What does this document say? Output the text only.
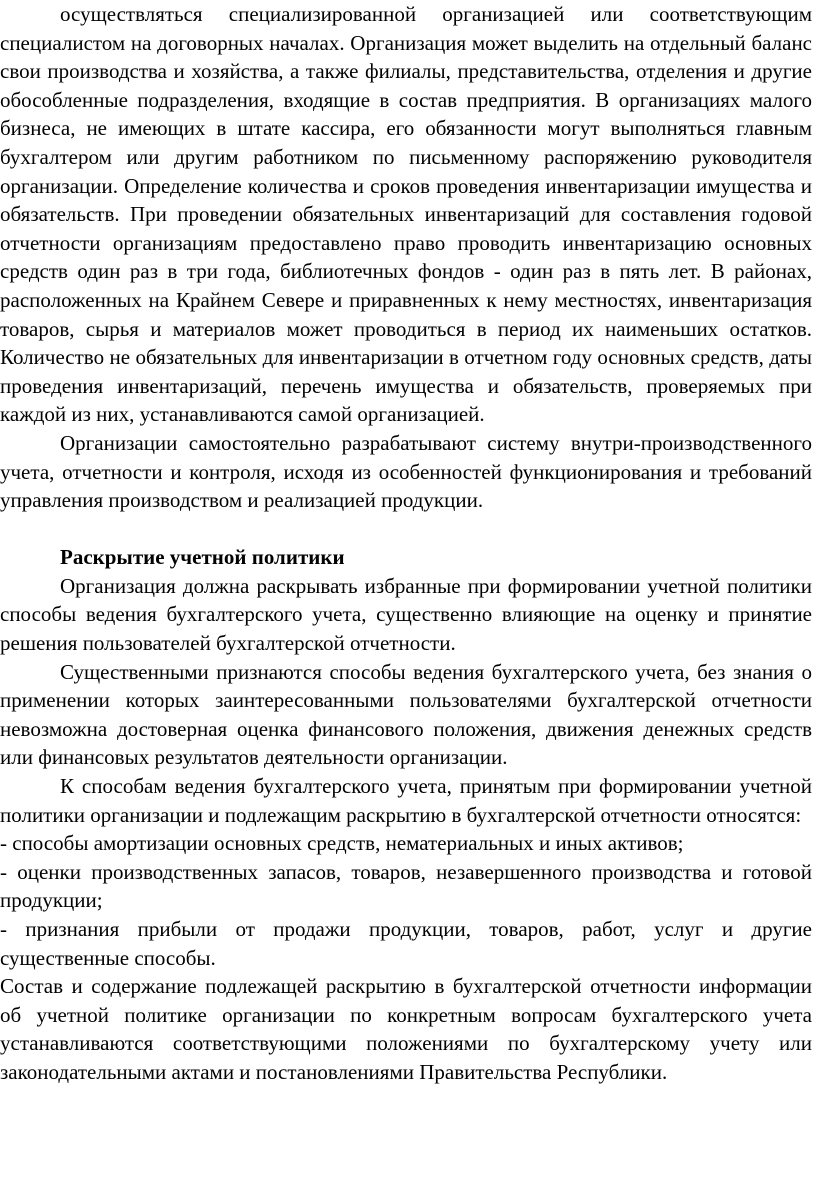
осуществляться специализированной организацией или соответствующим специалистом на договорных началах. Организация может выделить на отдельный баланс свои производства и хозяйства, а также филиалы, представительства, отделения и другие обособленные подразделения, входящие в состав предприятия. В организациях малого бизнеса, не имеющих в штате кассира, его обязанности могут выполняться главным бухгалтером или другим работником по письменному распоряжению руководителя организации. Определение количества и сроков проведения инвентаризации имущества и обязательств. При проведении обязательных инвентаризаций для составления годовой отчетности организациям предоставлено право проводить инвентаризацию основных средств один раз в три года, библиотечных фондов - один раз в пять лет. В районах, расположенных на Крайнем Севере и приравненных к нему местностях, инвентаризация товаров, сырья и материалов может проводиться в период их наименьших остатков. Количество не обязательных для инвентаризации в отчетном году основных средств, даты проведения инвентаризаций, перечень имущества и обязательств, проверяемых при каждой из них, устанавливаются самой организацией.

Организации самостоятельно разрабатывают систему внутри-производственного учета, отчетности и контроля, исходя из особенностей функционирования и требований управления производством и реализацией продукции.

Раскрытие учетной политики

Организация должна раскрывать избранные при формировании учетной политики способы ведения бухгалтерского учета, существенно влияющие на оценку и принятие решения пользователей бухгалтерской отчетности.

Существенными признаются способы ведения бухгалтерского учета, без знания о применении которых заинтересованными пользователями бухгалтерской отчетности невозможна достоверная оценка финансового положения, движения денежных средств или финансовых результатов деятельности организации.

К способам ведения бухгалтерского учета, принятым при формировании учетной политики организации и подлежащим раскрытию в бухгалтерской отчетности относятся:

- способы амортизации основных средств, нематериальных и иных активов;

- оценки производственных запасов, товаров, незавершенного производства и готовой продукции;

- признания прибыли от продажи продукции, товаров, работ, услуг и другие существенные способы.

Состав и содержание подлежащей раскрытию в бухгалтерской отчетности информации об учетной политике организации по конкретным вопросам бухгалтерского учета устанавливаются соответствующими положениями по бухгалтерскому учету или законодательными актами и постановлениями Правительства Республики.
